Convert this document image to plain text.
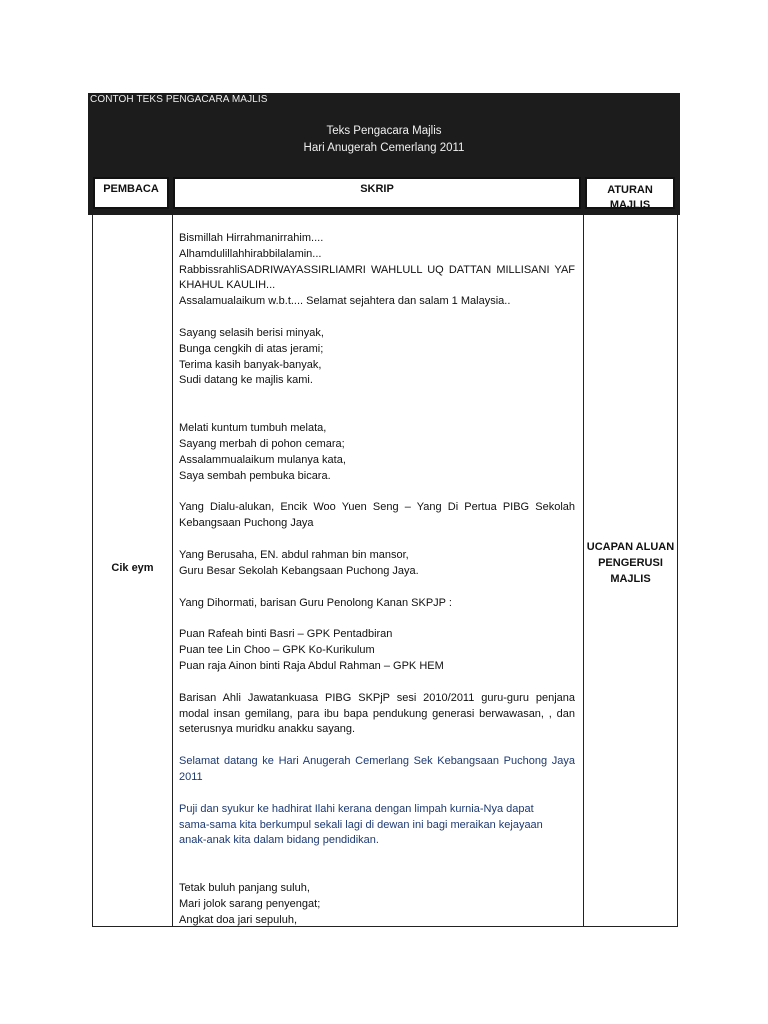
CONTOH TEKS PENGACARA MAJLIS
Teks Pengacara Majlis
Hari Anugerah Cemerlang 2011
PEMBACA	SKRIP	ATURAN MAJLIS
Cik eym
UCAPAN ALUAN PENGERUSI MAJLIS

Bismillah Hirrahmanirrahim....

Alhamdulillahhirabbilalamin...

RabbissrahliSADRIWAYASSIRLIAMRI WAHLULL UQ DATTAN MILLISANI YAF KHAHUL KAULIH...

Assalamualaikum w.b.t.... Selamat sejahtera dan salam 1 Malaysia..

Sayang selasih berisi minyak,

Bunga cengkih di atas jerami;

Terima kasih banyak-banyak,

Sudi datang ke majlis kami.

Melati kuntum tumbuh melata,

Sayang merbah di pohon cemara;

Assalammualaikum mulanya kata,

Saya sembah pembuka bicara.

Yang Dialu-alukan, Encik Woo Yuen Seng – Yang Di Pertua PIBG Sekolah Kebangsaan Puchong Jaya

Yang Berusaha, EN. abdul rahman bin mansor,

Guru Besar Sekolah Kebangsaan Puchong Jaya.

Yang Dihormati, barisan Guru Penolong Kanan SKPJP :

Puan Rafeah binti Basri – GPK Pentadbiran

Puan tee Lin Choo – GPK Ko-Kurikulum

Puan raja Ainon binti Raja Abdul Rahman – GPK HEM

Barisan Ahli Jawatankuasa PIBG SKPjP sesi 2010/2011 guru-guru penjana modal insan gemilang, para ibu bapa pendukung generasi berwawasan, , dan seterusnya muridku anakku sayang.

Selamat datang ke Hari Anugerah Cemerlang Sek Kebangsaan Puchong Jaya 2011

Puji dan syukur ke hadhirat Ilahi kerana dengan limpah kurnia-Nya dapat

sama-sama kita berkumpul sekali lagi di dewan ini bagi meraikan kejayaan

anak-anak kita dalam bidang pendidikan.

Tetak buluh panjang suluh,

Mari jolok sarang penyengat;

Angkat doa jari sepuluh,
